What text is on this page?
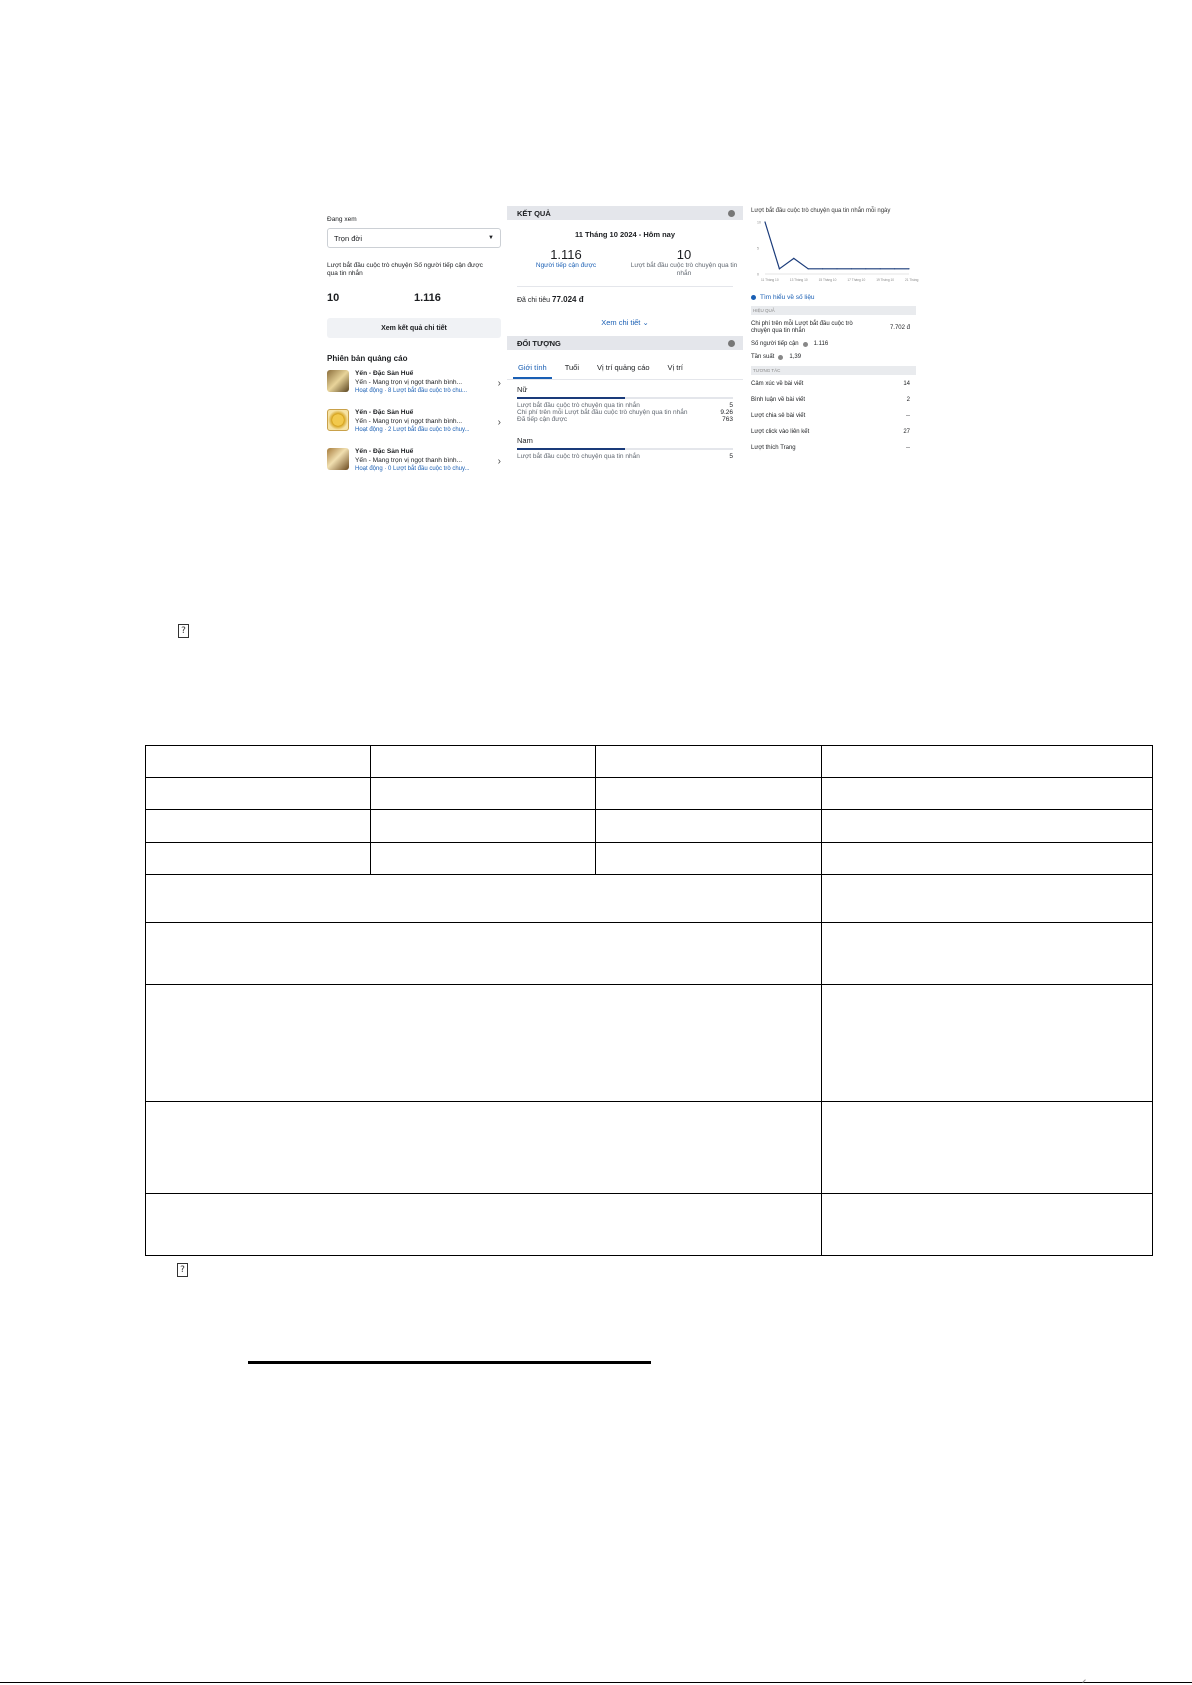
Đang xem
Trọn đời	▼
Lượt bắt đầu cuộc trò chuyện qua tin nhắn
10
Số người tiếp cận được
1.116
Xem kết quả chi tiết
Phiên bản quảng cáo
Yến - Đặc Sản Huế
Yến - Mang trọn vị ngọt thanh bình...
Hoạt động · 8 Lượt bắt đầu cuộc trò chu...
›
Yến - Đặc Sản Huế
Yến - Mang trọn vị ngọt thanh bình...
Hoạt động · 2 Lượt bắt đầu cuộc trò chuy...
›
Yến - Đặc Sản Huế
Yến - Mang trọn vị ngọt thanh bình...
Hoạt động · 0 Lượt bắt đầu cuộc trò chuy...
›
KẾT QUẢ
11 Tháng 10 2024 - Hôm nay
1.116
Người tiếp cận được
10
Lượt bắt đầu cuộc trò chuyện qua tin nhắn
Đã chi tiêu 77.024 đ
Xem chi tiết ⌄
ĐỐI TƯỢNG
Giới tính	Tuổi	Vị trí quảng cáo	Vị trí
Nữ
Lượt bắt đầu cuộc trò chuyện qua tin nhắn	5
Chi phí trên mỗi Lượt bắt đầu cuộc trò chuyện qua tin nhắn	9.26
Đã tiếp cận được	763
Nam
Lượt bắt đầu cuộc trò chuyện qua tin nhắn	5
Lượt bắt đầu cuộc trò chuyện qua tin nhắn mỗi ngày
10
5
0
11 Tháng 10	13 Tháng 10	15 Tháng 10	17 Tháng 10	19 Tháng 10	21 Tháng
Tìm hiểu về số liệu
HIỆU QUẢ
Chi phí trên mỗi Lượt bắt đầu cuộc trò chuyện qua tin nhắn
7.702 đ
Số người tiếp cận	1.116
Tần suất	1,39
TƯƠNG TÁC
Cảm xúc về bài viết	14
Bình luận về bài viết	2
Lượt chia sẻ bài viết	--
Lượt click vào liên kết	27
Lượt thích Trang	--
?
?
